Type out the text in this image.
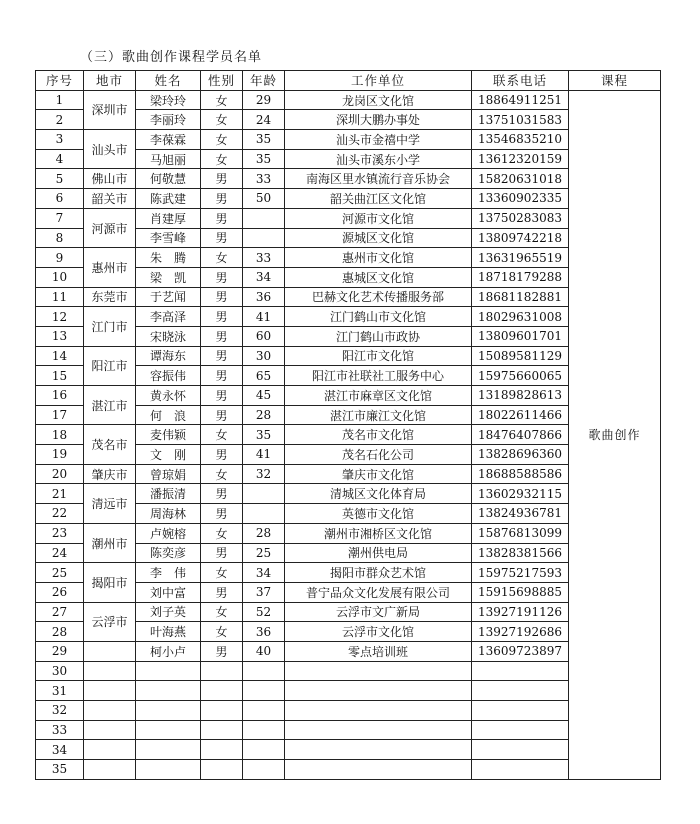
（三）歌曲创作课程学员名单
序号	地市	姓名	性别	年龄	工作单位	联系电话	课程
1	深圳市	梁玲玲	女	29	龙岗区文化馆	18864911251	歌曲创作
2		李丽玲	女	24	深圳大鹏办事处	13751031583	
3	汕头市	李葆霖	女	35	汕头市金禧中学	13546835210	
4		马旭丽	女	35	汕头市溪东小学	13612320159	
5	佛山市	何敬慧	男	33	南海区里水镇流行音乐协会	15820631018	
6	韶关市	陈武建	男	50	韶关曲江区文化馆	13360902335	
7	河源市	肖建厚	男		河源市文化馆	13750283083	
8		李雪峰	男		源城区文化馆	13809742218	
9	惠州市	朱　腾	女	33	惠州市文化馆	13631965519	
10		梁　凯	男	34	惠城区文化馆	18718179288	
11	东莞市	于艺闻	男	36	巴赫文化艺术传播服务部	18681182881	
12	江门市	李高泽	男	41	江门鹤山市文化馆	18029631008	
13		宋晓泳	男	60	江门鹤山市政协	13809601701	
14	阳江市	谭海东	男	30	阳江市文化馆	15089581129	
15		容振伟	男	65	阳江市社联社工服务中心	15975660065	
16	湛江市	黄永怀	男	45	湛江市麻章区文化馆	13189828613	
17		何　浪	男	28	湛江市廉江文化馆	18022611466	
18	茂名市	麦伟颖	女	35	茂名市文化馆	18476407866	
19		文　刚	男	41	茂名石化公司	13828696360	
20	肇庆市	曾琼娟	女	32	肇庆市文化馆	18688588586	
21	清远市	潘振清	男		清城区文化体育局	13602932115	
22		周海林	男		英德市文化馆	13824936781	
23	潮州市	卢婉榕	女	28	潮州市湘桥区文化馆	15876813099	
24		陈奕彦	男	25	潮州供电局	13828381566	
25	揭阳市	李　伟	女	34	揭阳市群众艺术馆	15975217593	
26		刘中富	男	37	普宁品众文化发展有限公司	15915698885	
27	云浮市	刘子英	女	52	云浮市文广新局	13927191126	
28		叶海燕	女	36	云浮市文化馆	13927192686	
29		柯小卢	男	40	零点培训班	13609723897	
30							
31							
32							
33							
34							
35							
